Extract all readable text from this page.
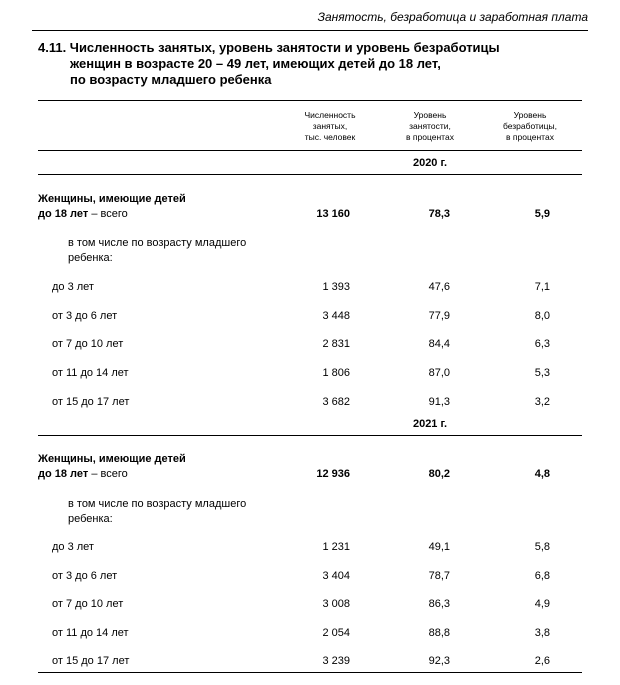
Занятость, безработица и заработная плата
4.11. Численность занятых, уровень занятости и уровень безработицы
женщин в возрасте 20 – 49 лет, имеющих детей до 18 лет,
по возрасту младшего ребенка
Численность
занятых,
тыс. человек
Уровень
занятости,
в процентах
Уровень
безработицы,
в процентах
2020 г.
Женщины, имеющие детей
до 18 лет – всего	13 160	78,3	5,9
в том числе по возрасту младшего
ребенка:
до 3 лет	1 393	47,6	7,1
от 3 до 6 лет	3 448	77,9	8,0
от 7 до 10 лет	2 831	84,4	6,3
от 11 до 14 лет	1 806	87,0	5,3
от 15 до 17 лет	3 682	91,3	3,2
2021 г.
Женщины, имеющие детей
до 18 лет – всего	12 936	80,2	4,8
в том числе по возрасту младшего
ребенка:
до 3 лет	1 231	49,1	5,8
от 3 до 6 лет	3 404	78,7	6,8
от 7 до 10 лет	3 008	86,3	4,9
от 11 до 14 лет	2 054	88,8	3,8
от 15 до 17 лет	3 239	92,3	2,6
